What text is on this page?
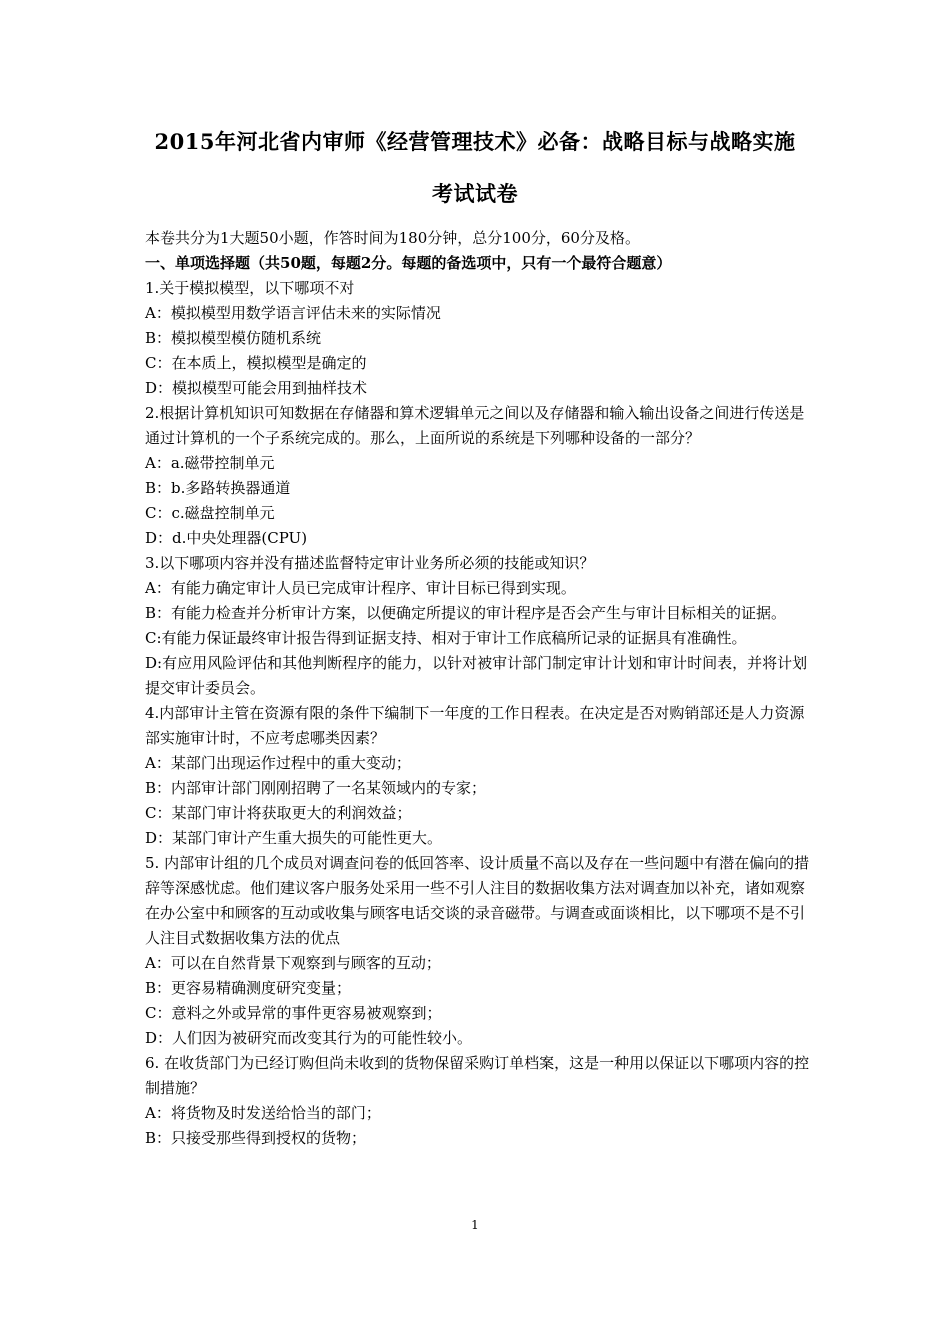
2015年河北省内审师《经营管理技术》必备：战略目标与战略实施
考试试卷

本卷共分为1大题50小题，作答时间为180分钟，总分100分，60分及格。

一、单项选择题（共50题，每题2分。每题的备选项中，只有一个最符合题意）

1.关于模拟模型，以下哪项不对

A：模拟模型用数学语言评估未来的实际情况

B：模拟模型模仿随机系统

C：在本质上，模拟模型是确定的

D：模拟模型可能会用到抽样技术

2.根据计算机知识可知数据在存储器和算术逻辑单元之间以及存储器和输入输出设备之间进行传送是通过计算机的一个子系统完成的。那么，上面所说的系统是下列哪种设备的一部分？

A：a.磁带控制单元

B：b.多路转换器通道

C：c.磁盘控制单元

D：d.中央处理器(CPU)

3.以下哪项内容并没有描述监督特定审计业务所必须的技能或知识？

A：有能力确定审计人员已完成审计程序、审计目标已得到实现。

B：有能力检查并分析审计方案，以便确定所提议的审计程序是否会产生与审计目标相关的证据。

C:有能力保证最终审计报告得到证据支持、相对于审计工作底稿所记录的证据具有准确性。

D:有应用风险评估和其他判断程序的能力，以针对被审计部门制定审计计划和审计时间表，并将计划提交审计委员会。

4.内部审计主管在资源有限的条件下编制下一年度的工作日程表。在决定是否对购销部还是人力资源部实施审计时，不应考虑哪类因素？

A：某部门出现运作过程中的重大变动；

B：内部审计部门刚刚招聘了一名某领域内的专家；

C：某部门审计将获取更大的利润效益；

D：某部门审计产生重大损失的可能性更大。

5. 内部审计组的几个成员对调查问卷的低回答率、设计质量不高以及存在一些问题中有潜在偏向的措辞等深感忧虑。他们建议客户服务处采用一些不引人注目的数据收集方法对调查加以补充，诸如观察在办公室中和顾客的互动或收集与顾客电话交谈的录音磁带。与调查或面谈相比，以下哪项不是不引人注目式数据收集方法的优点

A：可以在自然背景下观察到与顾客的互动；

B：更容易精确测度研究变量；

C：意料之外或异常的事件更容易被观察到；

D：人们因为被研究而改变其行为的可能性较小。

6. 在收货部门为已经订购但尚未收到的货物保留采购订单档案，这是一种用以保证以下哪项内容的控制措施？

A：将货物及时发送给恰当的部门；

B：只接受那些得到授权的货物；

1
